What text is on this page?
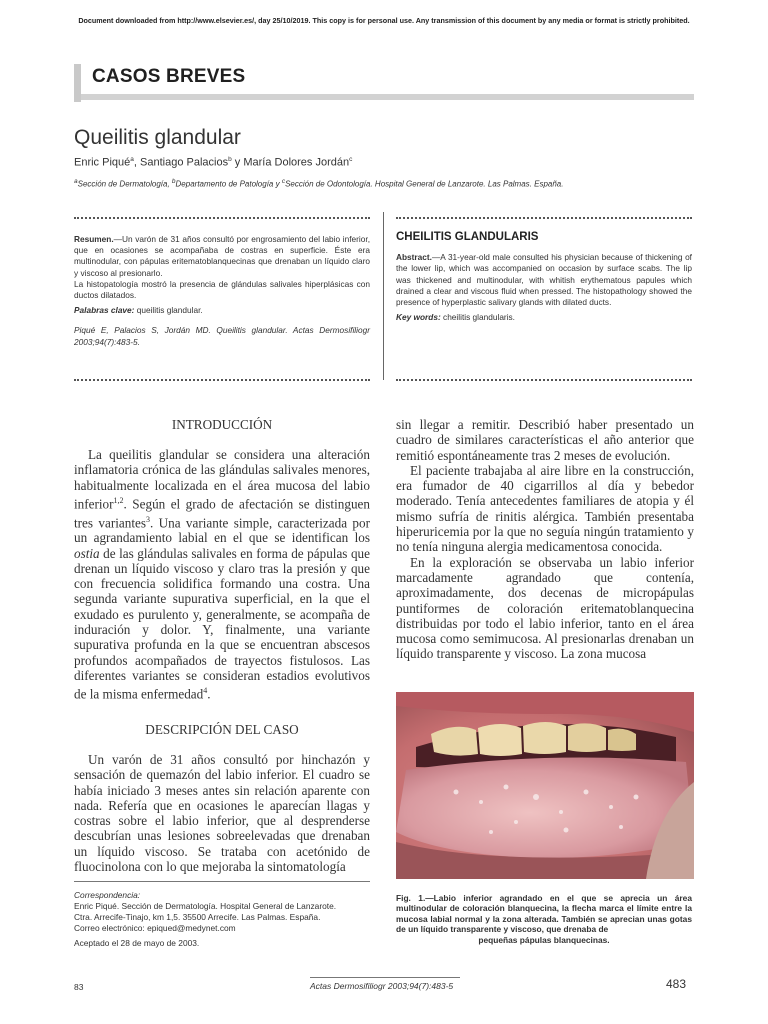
Document downloaded from http://www.elsevier.es/, day 25/10/2019. This copy is for personal use. Any transmission of this document by any media or format is strictly prohibited.
CASOS BREVES
Queilitis glandular
Enric Piqué$^a$, Santiago Palacios$^b$ y María Dolores Jordán$^c$
$^a$Sección de Dermatología, $^b$Departamento de Patología y $^c$Sección de Odontología. Hospital General de Lanzarote. Las Palmas. España.

Resumen.—Un varón de 31 años consultó por engrosamiento del labio inferior, que en ocasiones se acompañaba de costras en superficie. Éste era multinodular, con pápulas eritematoblanquecinas que drenaban un líquido claro y viscoso al presionarlo.

La histopatología mostró la presencia de glándulas salivales hiperplásicas con ductos dilatados.

Palabras clave: queilitis glandular.

Piqué E, Palacios S, Jordán MD. Queilitis glandular. Actas Dermosifiliogr 2003;94(7):483-5.

CHEILITIS GLANDULARIS

Abstract.—A 31-year-old male consulted his physician because of thickening of the lower lip, which was accompanied on occasion by surface scabs. The lip was thickened and multinodular, with whitish erythematous papules which drained a clear and viscous fluid when pressed. The histopathology showed the presence of hyperplastic salivary glands with dilated ducts.

Key words: cheilitis glandularis.

INTRODUCCIÓN

La queilitis glandular se considera una alteración inflamatoria crónica de las glándulas salivales menores, habitualmente localizada en el área mucosa del labio inferior$^{1,2}$. Según el grado de afectación se distinguen tres variantes$^3$. Una variante simple, caracterizada por un agrandamiento labial en el que se identifican los ostia de las glándulas salivales en forma de pápulas que drenan un líquido viscoso y claro tras la presión y que con frecuencia solidifica formando una costra. Una segunda variante supurativa superficial, en la que el exudado es purulento y, generalmente, se acompaña de induración y dolor. Y, finalmente, una variante supurativa profunda en la que se encuentran abscesos profundos acompañados de trayectos fistulosos. Las diferentes variantes se consideran estadios evolutivos de la misma enfermedad$^4$.

DESCRIPCIÓN DEL CASO

Un varón de 31 años consultó por hinchazón y sensación de quemazón del labio inferior. El cuadro se había iniciado 3 meses antes sin relación aparente con nada. Refería que en ocasiones le aparecían llagas y costras sobre el labio inferior, que al desprenderse descubrían unas lesiones sobreelevadas que drenaban un líquido viscoso. Se trataba con acetónido de fluocinolona con lo que mejoraba la sintomatología

sin llegar a remitir. Describió haber presentado un cuadro de similares características el año anterior que remitió espontáneamente tras 2 meses de evolución.

El paciente trabajaba al aire libre en la construcción, era fumador de 40 cigarrillos al día y bebedor moderado. Tenía antecedentes familiares de atopia y él mismo sufría de rinitis alérgica. También presentaba hiperuricemia por la que no seguía ningún tratamiento y no tenía ninguna alergia medicamentosa conocida.

En la exploración se observaba un labio inferior marcadamente agrandado que contenía, aproximadamente, dos decenas de micropápulas puntiformes de coloración eritematoblanquecina distribuidas por todo el labio inferior, tanto en el área mucosa como semimucosa. Al presionarlas drenaban un líquido transparente y viscoso. La zona mucosa

Fig. 1.—Labio inferior agrandado en el que se aprecia un área multinodular de coloración blanquecina, la flecha marca el límite entre la mucosa labial normal y la zona alterada. También se aprecian unas gotas de un líquido transparente y viscoso, que drenaba de
pequeñas pápulas blanquecinas.

Correspondencia:

Enric Piqué. Sección de Dermatología. Hospital General de Lanzarote.

Ctra. Arrecife-Tinajo, km 1,5. 35500 Arrecife. Las Palmas. España.

Correo electrónico: epiqued@medynet.com

Aceptado el 28 de mayo de 2003.

83	Actas Dermosifiliogr 2003;94(7):483-5	483
